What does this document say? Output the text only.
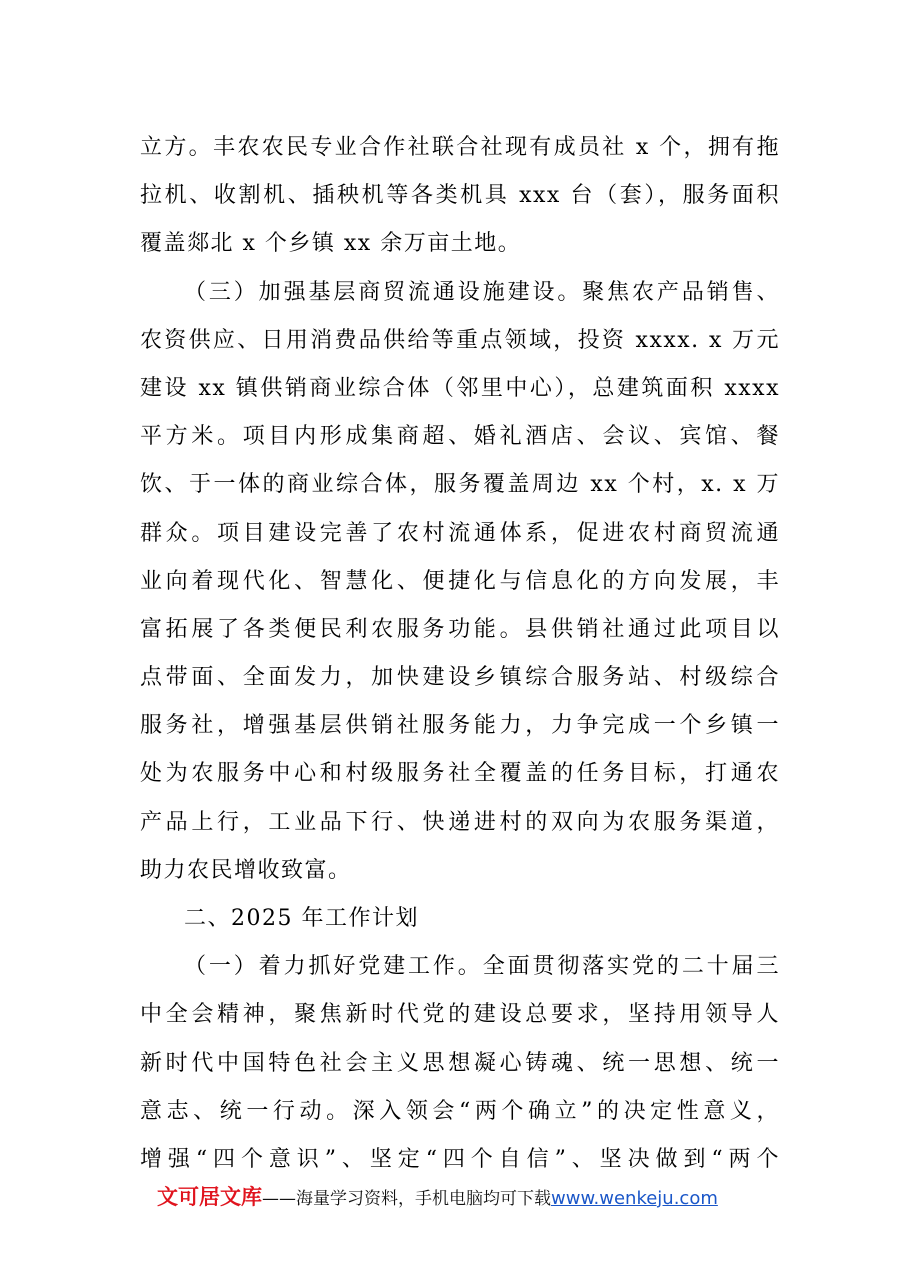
立方。丰农农民专业合作社联合社现有成员社 x 个，拥有拖
拉机、收割机、插秧机等各类机具 xxx 台（套），服务面积
覆盖郯北 x 个乡镇 xx 余万亩土地。
（三）加强基层商贸流通设施建设。聚焦农产品销售、
农资供应、日用消费品供给等重点领域，投资 xxxx. x 万元
建设 xx 镇供销商业综合体（邻里中心），总建筑面积 xxxx
平方米。项目内形成集商超、婚礼酒店、会议、宾馆、餐
饮、于一体的商业综合体，服务覆盖周边 xx 个村，x. x 万
群众。项目建设完善了农村流通体系，促进农村商贸流通
业向着现代化、智慧化、便捷化与信息化的方向发展，丰
富拓展了各类便民利农服务功能。县供销社通过此项目以
点带面、全面发力，加快建设乡镇综合服务站、村级综合
服务社，增强基层供销社服务能力，力争完成一个乡镇一
处为农服务中心和村级服务社全覆盖的任务目标，打通农
产品上行，工业品下行、快递进村的双向为农服务渠道，
助力农民增收致富。
二、2025 年工作计划
（一）着力抓好党建工作。全面贯彻落实党的二十届三
中全会精神，聚焦新时代党的建设总要求，坚持用领导人
新时代中国特色社会主义思想凝心铸魂、统一思想、统一
意志、统一行动。深入领会“两个确立”的决定性意义，
增强“四个意识”、坚定“四个自信”、坚决做到“两个
文可居文库——海量学习资料，手机电脑均可下载www.wenkeju.com
